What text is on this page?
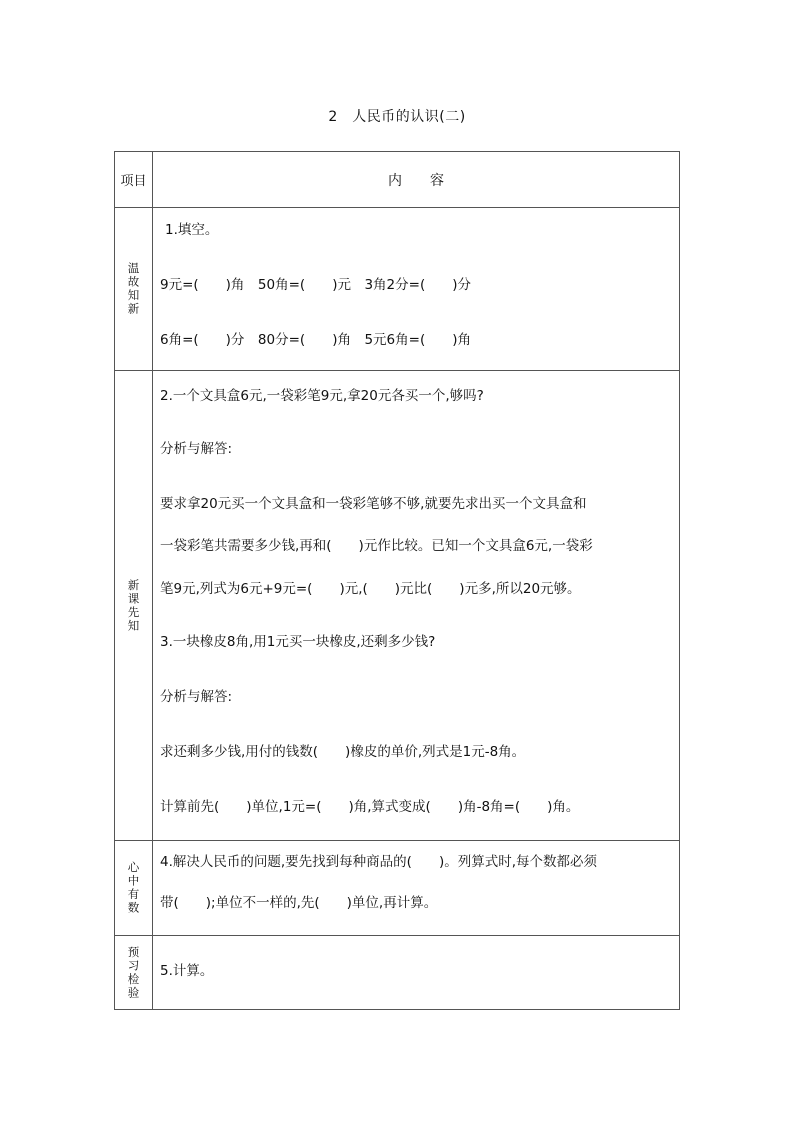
2　人民币的认识(二)
项目	内　　容
温故知新
1.填空。
9元=(　　)角　50角=(　　)元　3角2分=(　　)分
6角=(　　)分　80分=(　　)角　5元6角=(　　)角
新课先知
2.一个文具盒6元,一袋彩笔9元,拿20元各买一个,够吗?
分析与解答:
要求拿20元买一个文具盒和一袋彩笔够不够,就要先求出买一个文具盒和
一袋彩笔共需要多少钱,再和(　　)元作比较。已知一个文具盒6元,一袋彩
笔9元,列式为6元+9元=(　　)元,(　　)元比(　　)元多,所以20元够。
3.一块橡皮8角,用1元买一块橡皮,还剩多少钱?
分析与解答:
求还剩多少钱,用付的钱数(　　)橡皮的单价,列式是1元-8角。
计算前先(　　)单位,1元=(　　)角,算式变成(　　)角-8角=(　　)角。
心中有数 4.解决人民币的问题,要先找到每种商品的(　　)。列算式时,每个数都必须
带(　　);单位不一样的,先(　　)单位,再计算。
预习检验 5.计算。
